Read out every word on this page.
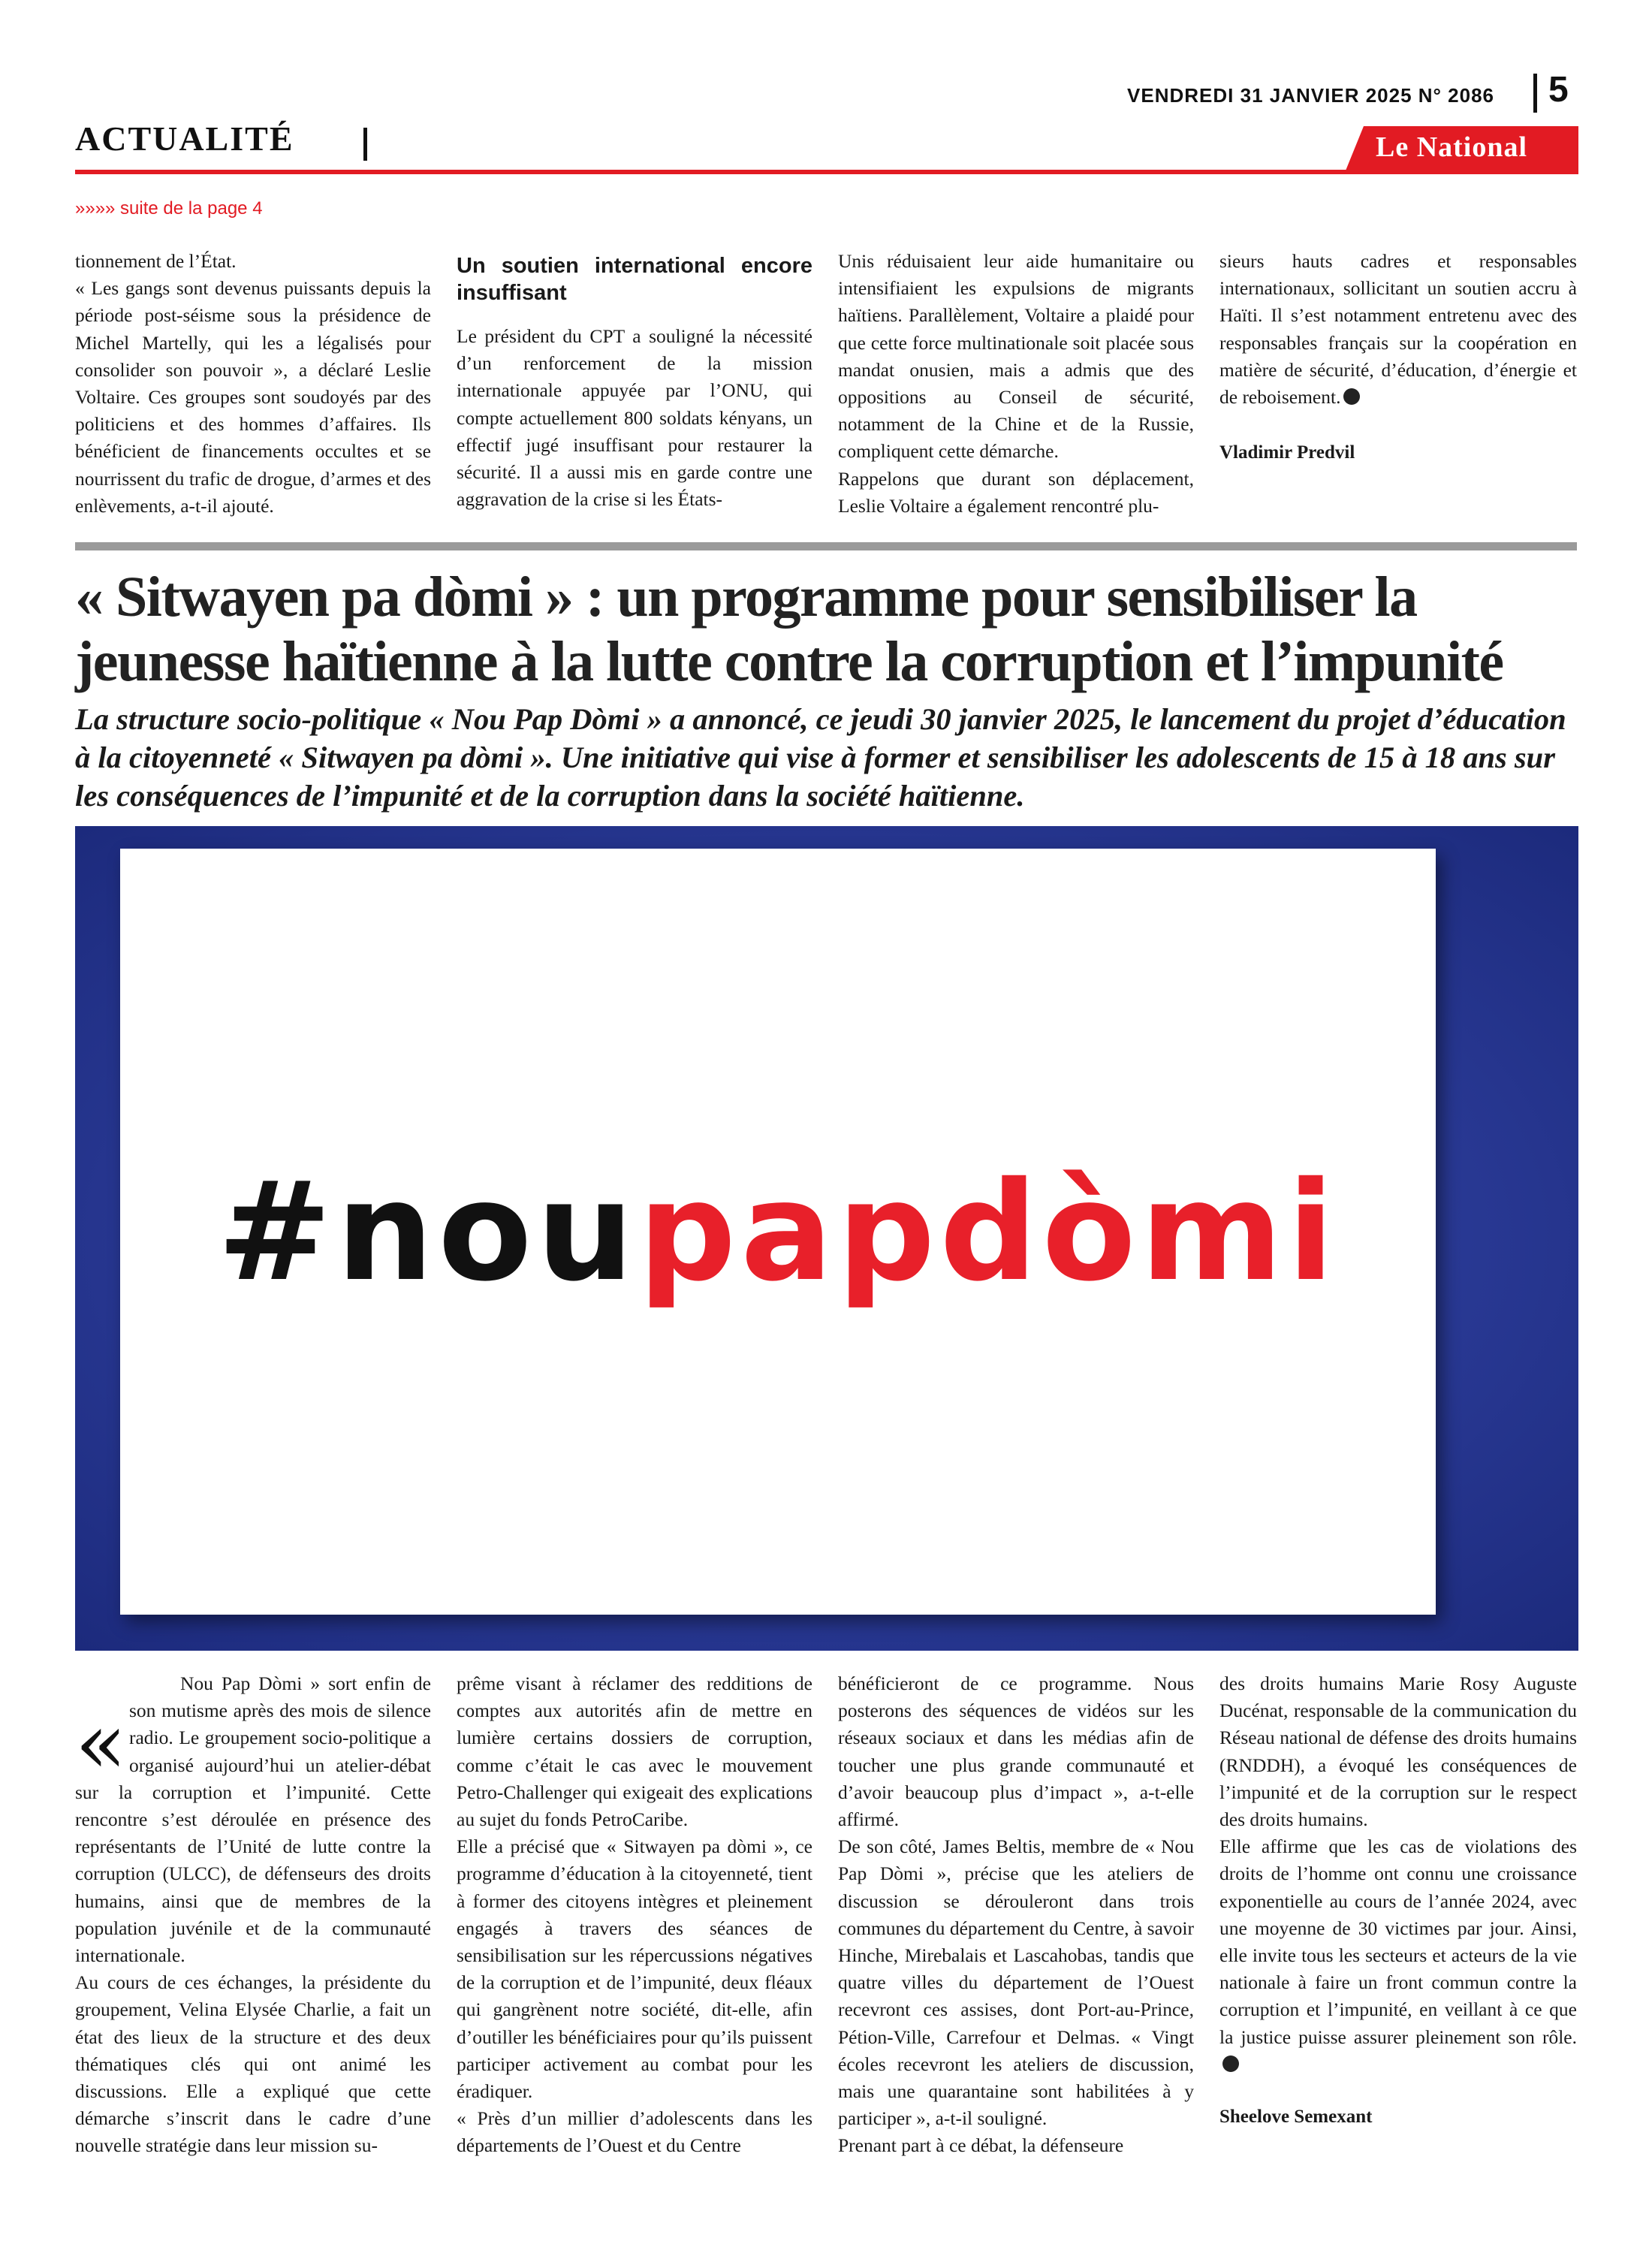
VENDREDI 31 JANVIER 2025 N° 2086 5
ACTUALITÉ	Le National
»»»» suite de la page 4

tionnement de l’État.

« Les gangs sont devenus puissants depuis la période post-séisme sous la présidence de Michel Martelly, qui les a légalisés pour consolider son pouvoir », a déclaré Leslie Voltaire. Ces groupes sont soudoyés par des politiciens et des hommes d’affaires. Ils bénéficient de financements occultes et se nourrissent du trafic de drogue, d’armes et des enlèvements, a-t-il ajouté.

Un soutien international encore insuffisant

Le président du CPT a souligné la nécessité d’un renforcement de la mission internationale appuyée par l’ONU, qui compte actuellement 800 soldats kényans, un effectif jugé insuffisant pour restaurer la sécurité. Il a aussi mis en garde contre une aggravation de la crise si les États-

Unis réduisaient leur aide humanitaire ou intensifiaient les expulsions de migrants haïtiens. Parallèlement, Voltaire a plaidé pour que cette force multinationale soit placée sous mandat onusien, mais a admis que des oppositions au Conseil de sécurité, notamment de la Chine et de la Russie, compliquent cette démarche.

Rappelons que durant son déplacement, Leslie Voltaire a également rencontré plu-

sieurs hauts cadres et responsables internationaux, sollicitant un soutien accru à Haïti. Il s’est notamment entretenu avec des responsables français sur la coopération en matière de sécurité, d’éducation, d’énergie et de reboisement.

Vladimir Predvil
« Sitwayen pa dòmi » : un programme pour sensibiliser la jeunesse haïtienne à la lutte contre la corruption et l’impunité

La structure socio-politique « Nou Pap Dòmi » a annoncé, ce jeudi 30 janvier 2025, le lancement du projet d’éducation à la citoyenneté « Sitwayen pa dòmi ». Une initiative qui vise à former et sensibiliser les adolescents de 15 à 18 ans sur les conséquences de l’impunité et de la corruption dans la société haïtienne.

#nou papdòmi
«

Nou Pap Dòmi » sort enfin de son mutisme après des mois de silence radio. Le groupement socio-politique a organisé aujourd’hui un atelier-débat sur la corruption et l’impunité. Cette rencontre s’est déroulée en présence des représentants de l’Unité de lutte contre la corruption (ULCC), de défenseurs des droits humains, ainsi que de membres de la population juvénile et de la communauté internationale.

Au cours de ces échanges, la présidente du groupement, Velina Elysée Charlie, a fait un état des lieux de la structure et des deux thématiques clés qui ont animé les discussions. Elle a expliqué que cette démarche s’inscrit dans le cadre d’une nouvelle stratégie dans leur mission su-

prême visant à réclamer des redditions de comptes aux autorités afin de mettre en lumière certains dossiers de corruption, comme c’était le cas avec le mouvement Petro-Challenger qui exigeait des explications au sujet du fonds PetroCaribe.

Elle a précisé que « Sitwayen pa dòmi », ce programme d’éducation à la citoyenneté, tient à former des citoyens intègres et pleinement engagés à travers des séances de sensibilisation sur les répercussions négatives de la corruption et de l’impunité, deux fléaux qui gangrènent notre société, dit-elle, afin d’outiller les bénéficiaires pour qu’ils puissent participer activement au combat pour les éradiquer.

« Près d’un millier d’adolescents dans les départements de l’Ouest et du Centre

bénéficieront de ce programme. Nous posterons des séquences de vidéos sur les réseaux sociaux et dans les médias afin de toucher une plus grande communauté et d’avoir beaucoup plus d’impact », a-t-elle affirmé.

De son côté, James Beltis, membre de « Nou Pap Dòmi », précise que les ateliers de discussion se dérouleront dans trois communes du département du Centre, à savoir Hinche, Mirebalais et Lascahobas, tandis que quatre villes du département de l’Ouest recevront ces assises, dont Port-au-Prince, Pétion-Ville, Carrefour et Delmas. « Vingt écoles recevront les ateliers de discussion, mais une quarantaine sont habilitées à y participer », a-t-il souligné.

Prenant part à ce débat, la défenseure

des droits humains Marie Rosy Auguste Ducénat, responsable de la communication du Réseau national de défense des droits humains (RNDDH), a évoqué les conséquences de l’impunité et de la corruption sur le respect des droits humains.

Elle affirme que les cas de violations des droits de l’homme ont connu une croissance exponentielle au cours de l’année 2024, avec une moyenne de 30 victimes par jour. Ainsi, elle invite tous les secteurs et acteurs de la vie nationale à faire un front commun contre la corruption et l’impunité, en veillant à ce que la justice puisse assurer pleinement son rôle.

Sheelove Semexant
